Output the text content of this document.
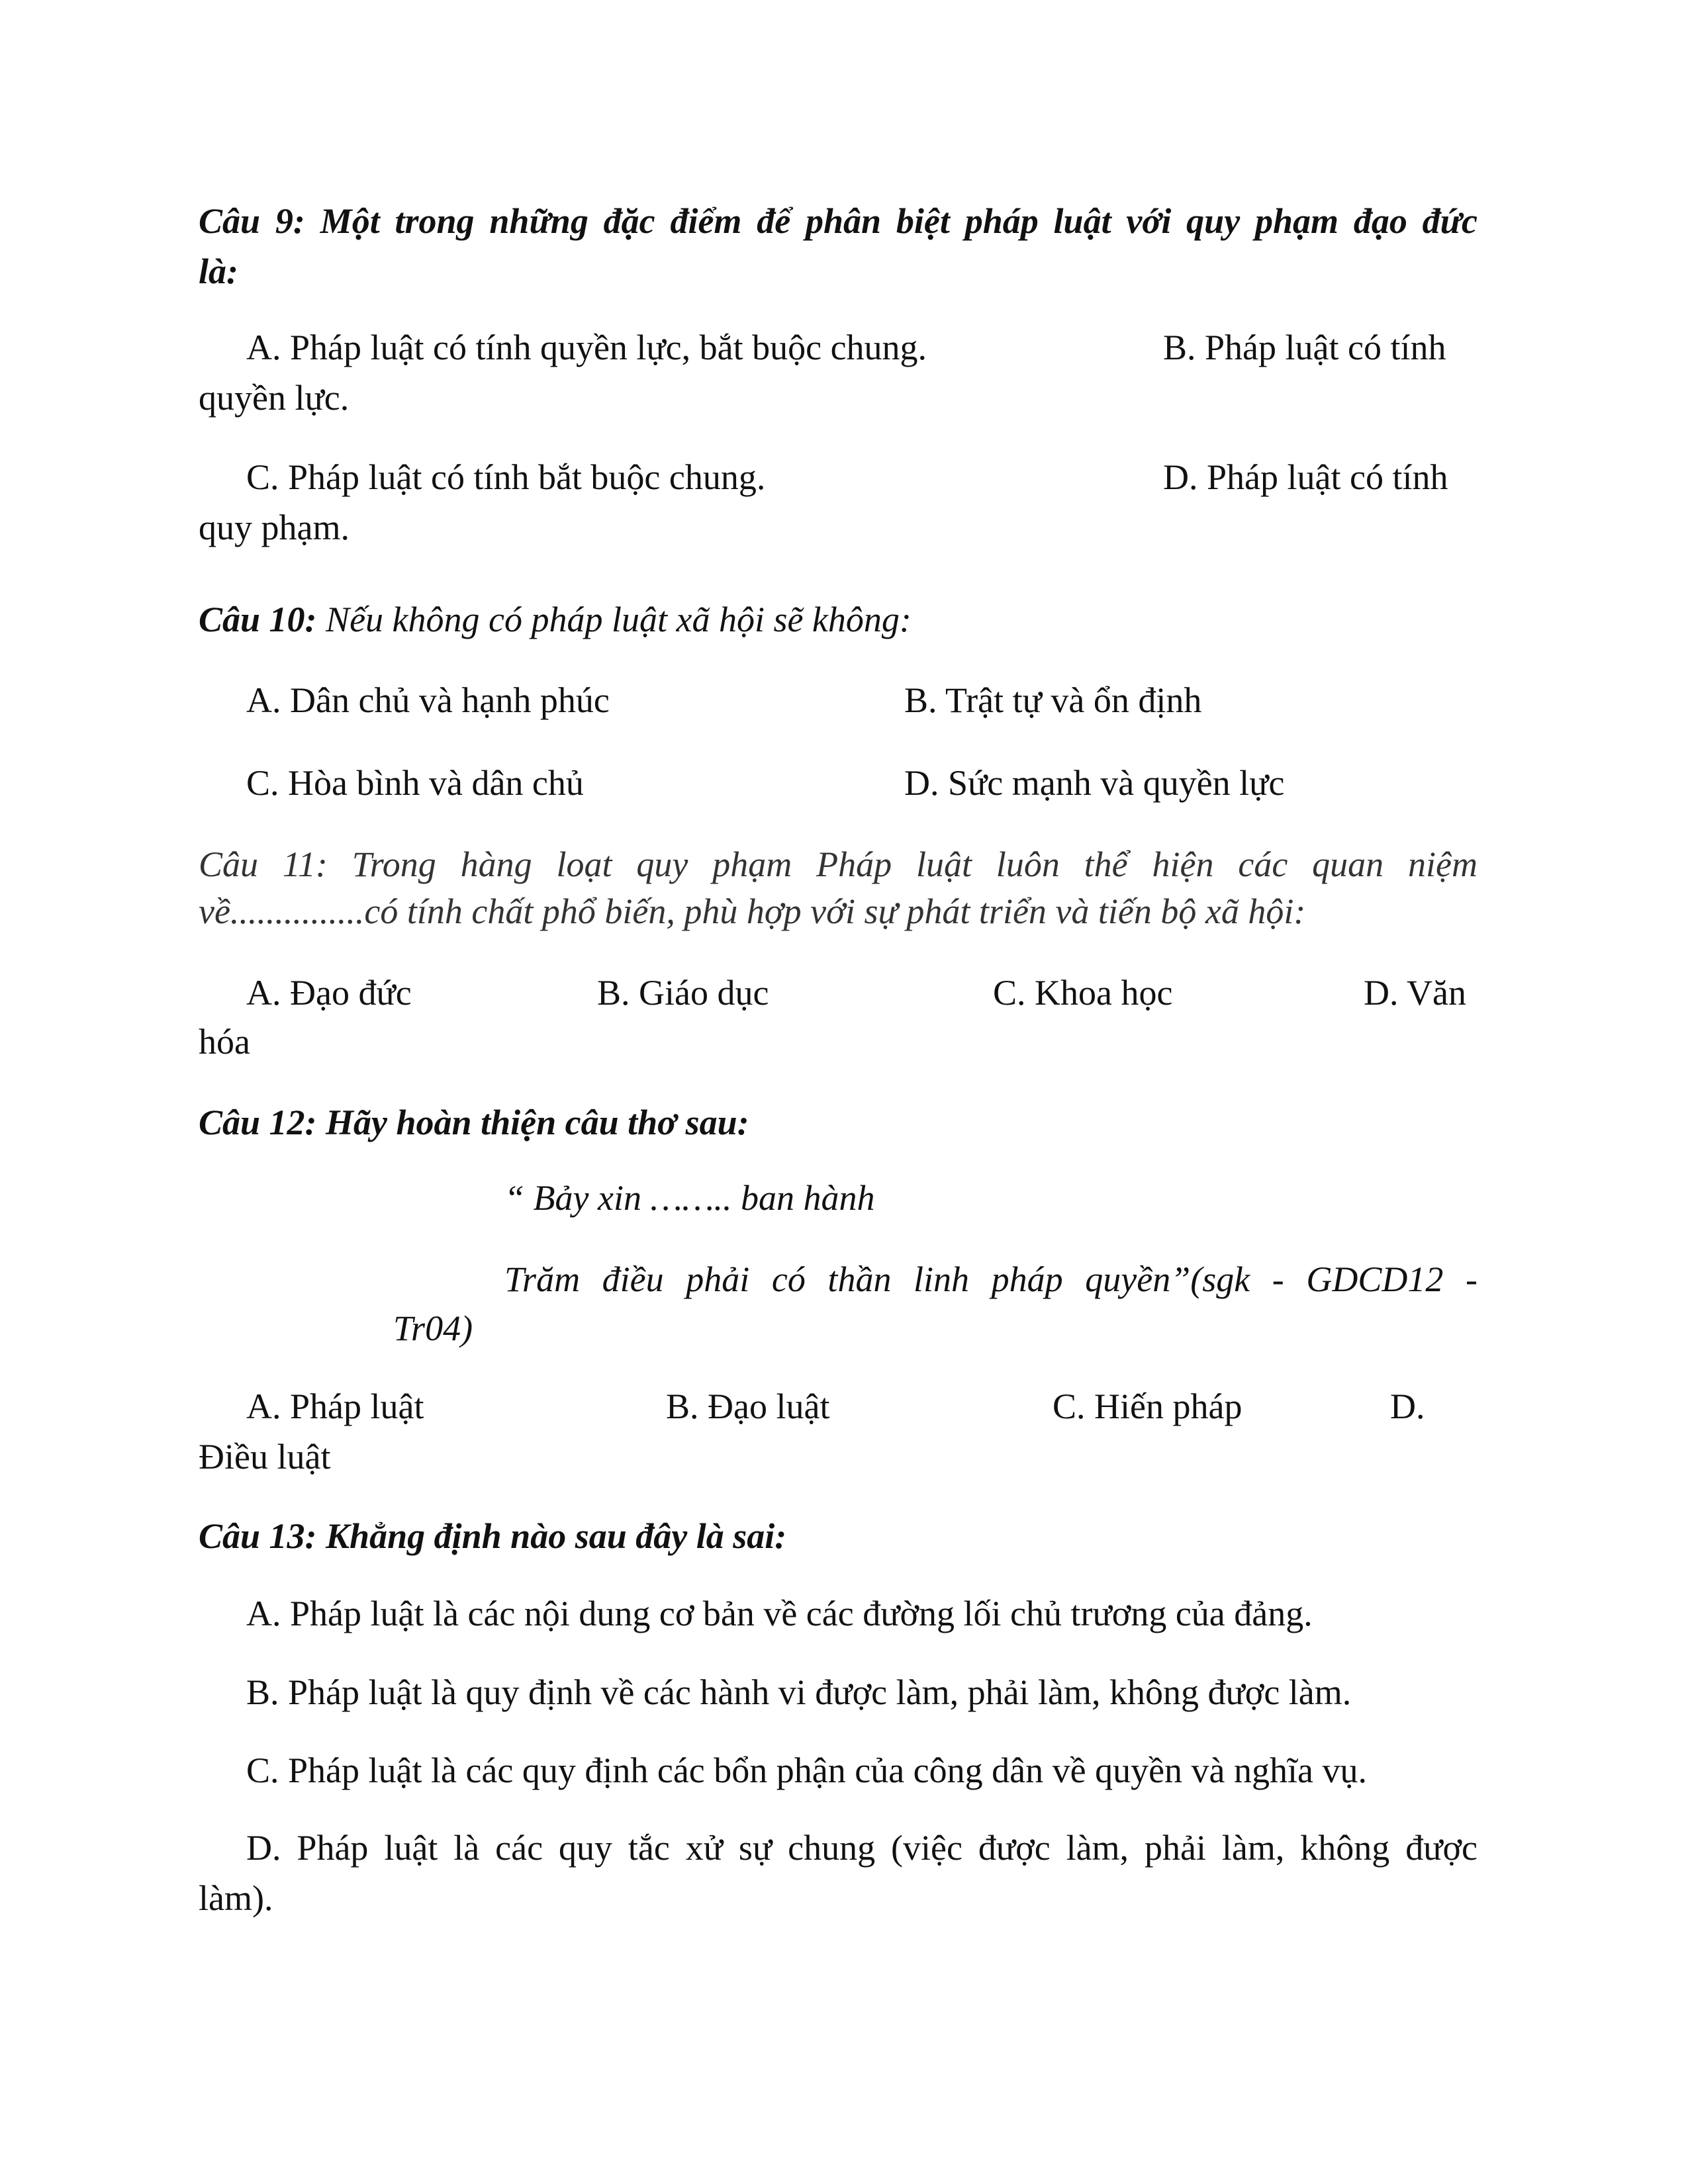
Câu 9: Một trong những đặc điểm để phân biệt pháp luật với quy phạm đạo đức

là:

A. Pháp luật có tính quyền lực, bắt buộc chung.	B. Pháp luật có tính

quyền lực.

C. Pháp luật có tính bắt buộc chung.	D. Pháp luật có tính

quy phạm.

Câu 10: Nếu không có pháp luật xã hội sẽ không:

A. Dân chủ và hạnh phúc	B. Trật tự và ổn định

C. Hòa bình và dân chủ	D. Sức mạnh và quyền lực

Câu 11: Trong hàng loạt quy phạm Pháp luật luôn thể hiện các quan niệm

về...............có tính chất phổ biến, phù hợp với sự phát triển và tiến bộ xã hội:

A. Đạo đức	B. Giáo dục	C. Khoa học	D. Văn

hóa

Câu 12: Hãy hoàn thiện câu thơ sau:

“ Bảy xin …….. ban hành

Trăm điều phải có thần linh pháp quyền”(sgk - GDCD12 -

Tr04)

A. Pháp luật	B. Đạo luật	C. Hiến pháp	D.

Điều luật

Câu 13: Khẳng định nào sau đây là sai:

A. Pháp luật là các nội dung cơ bản về các đường lối chủ trương của đảng.

B. Pháp luật là quy định về các hành vi được làm, phải làm, không được làm.

C. Pháp luật là các quy định các bổn phận của công dân về quyền và nghĩa vụ.

D. Pháp luật là các quy tắc xử sự chung (việc được làm, phải làm, không được

làm).
